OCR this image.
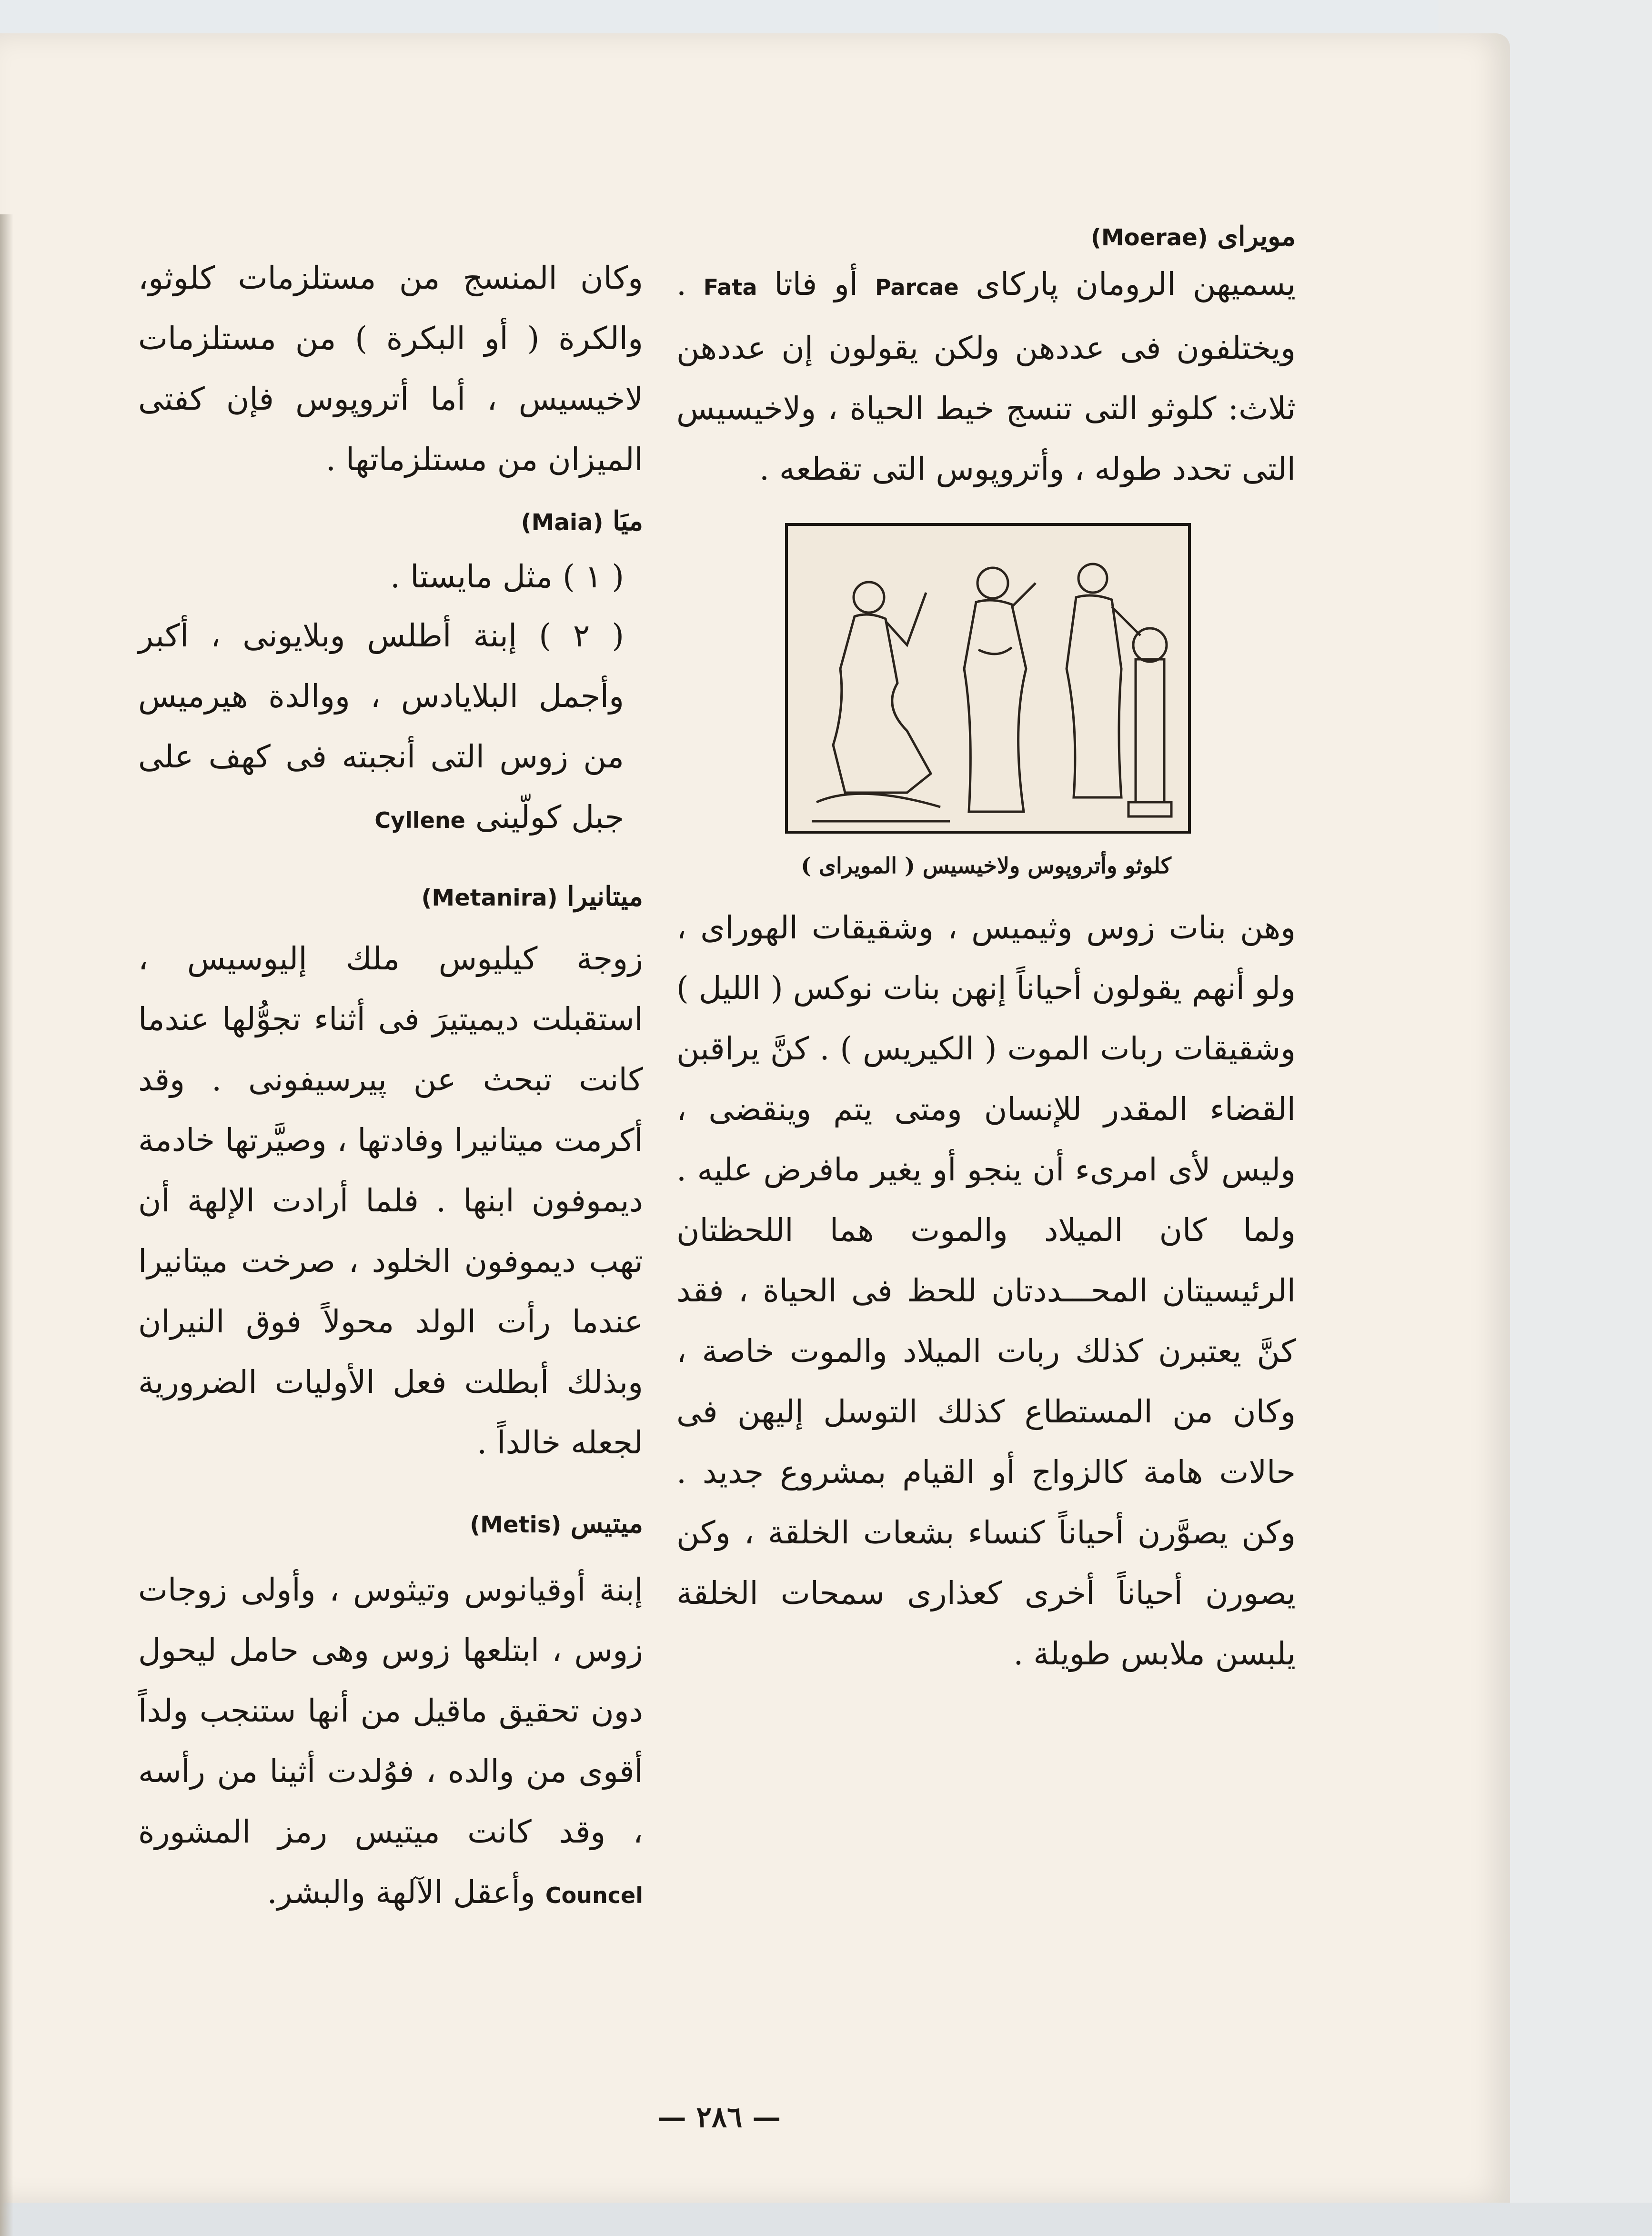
مويراى (Moerae)

يسميهن الرومان پاركاى Parcae أو فاتا Fata . ويختلفون فى عددهن ولكن يقولون إن عددهن ثلاث: كلوثو التى تنسج خيط الحياة ، ولاخيسيس التى تحدد طوله ، وأتروپوس التى تقطعه .

كلوثو وأتروپوس ولاخيسيس ( المويراى )

وهن بنات زوس وثيميس ، وشقيقات الهوراى ، ولو أنهم يقولون أحياناً إنهن بنات نوكس ( الليل ) وشقيقات ربات الموت ( الكيريس ) . كنَّ يراقبن القضاء المقدر للإنسان ومتى يتم وينقضى ، وليس لأى امرىء أن ينجو أو يغير مافرض عليه . ولما كان الميلاد والموت هما اللحظتان الرئيسيتان المحـــددتان للحظ فى الحياة ، فقد كنَّ يعتبرن كذلك ربات الميلاد والموت خاصة ، وكان من المستطاع كذلك التوسل إليهن فى حالات هامة كالزواج أو القيام بمشروع جديد . وكن يصوَّرن أحياناً كنساء بشعات الخلقة ، وكن يصورن أحياناً أخرى كعذارى سمحات الخلقة يلبسن ملابس طويلة .

وكان المنسج من مستلزمات كلوثو، والكرة ( أو البكرة ) من مستلزمات لاخيسيس ، أما أتروپوس فإن كفتى الميزان من مستلزماتها .

ميَا (Maia)

( ١ ) مثل مايستا .

( ٢ ) إبنة أطلس وبلايونى ، أكبر وأجمل البلايادس ، ووالدة هيرميس من زوس التى أنجبته فى كهف على جبل كولّينى Cyllene

ميتانيرا (Metanira)

زوجة كيليوس ملك إليوسيس ، استقبلت ديميتيرَ فى أثناء تجوُّلها عندما كانت تبحث عن پيرسيفونى . وقد أكرمت ميتانيرا وفادتها ، وصيَّرتها خادمة ديموفون ابنها . فلما أرادت الإلهة أن تهب ديموفون الخلود ، صرخت ميتانيرا عندما رأت الولد محولاً فوق النيران وبذلك أبطلت فعل الأوليات الضرورية لجعله خالداً .

ميتيس (Metis)

إبنة أوقيانوس وتيثوس ، وأولى زوجات زوس ، ابتلعها زوس وهى حامل ليحول دون تحقيق ماقيل من أنها ستنجب ولداً أقوى من والده ، فوُلدت أثينا من رأسه ، وقد كانت ميتيس رمز المشورة Councel وأعقل الآلهة والبشر.

— ٢٨٦ —
